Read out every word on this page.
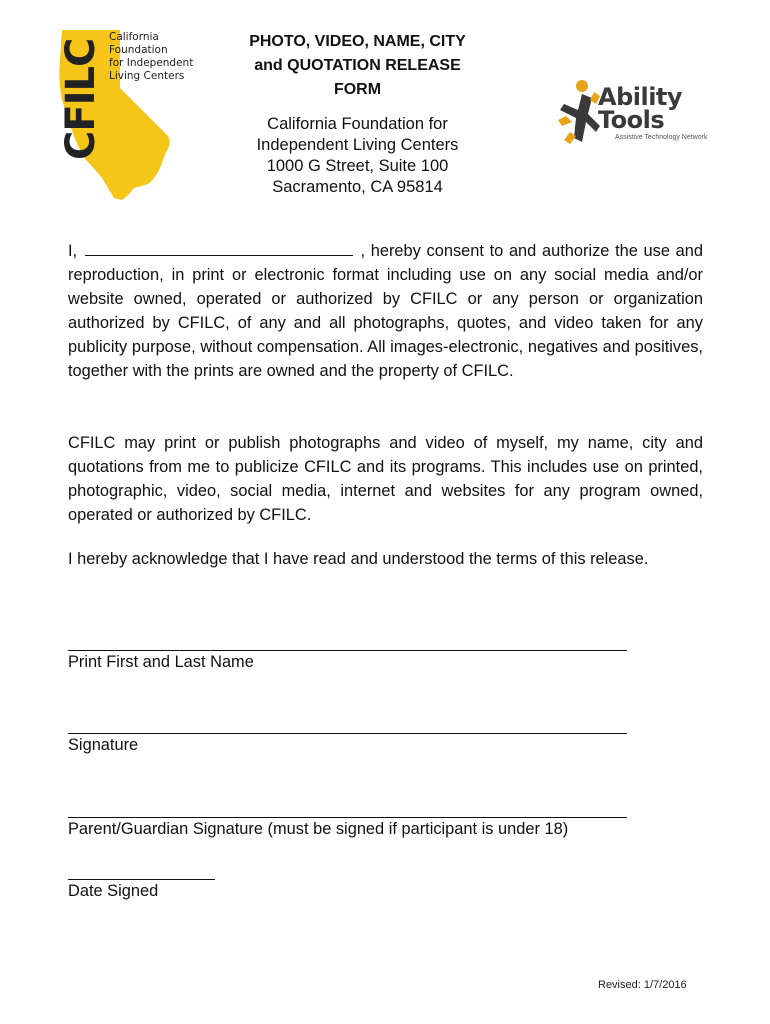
CFILC
California
Foundation
for Independent
Living Centers
PHOTO, VIDEO, NAME, CITY
and QUOTATION RELEASE
FORM
California Foundation for
Independent Living Centers
1000 G Street, Suite 100
Sacramento, CA 95814
Ability
Tools
Assistive Technology Network
I,	, hereby consent to and authorize the use and reproduction, in print or electronic format including use on any social media and/or website owned, operated or authorized by CFILC or any person or organization authorized by CFILC, of any and all photographs, quotes, and video taken for any publicity purpose, without compensation. All images-electronic, negatives and positives, together with the prints are owned and the property of CFILC.
CFILC may print or publish photographs and video of myself, my name, city and quotations from me to publicize CFILC and its programs. This includes use on printed, photographic, video, social media, internet and websites for any program owned, operated or authorized by CFILC.
I hereby acknowledge that I have read and understood the terms of this release.
Print First and Last Name
Signature
Parent/Guardian Signature (must be signed if participant is under 18)
Date Signed
Revised: 1/7/2016
